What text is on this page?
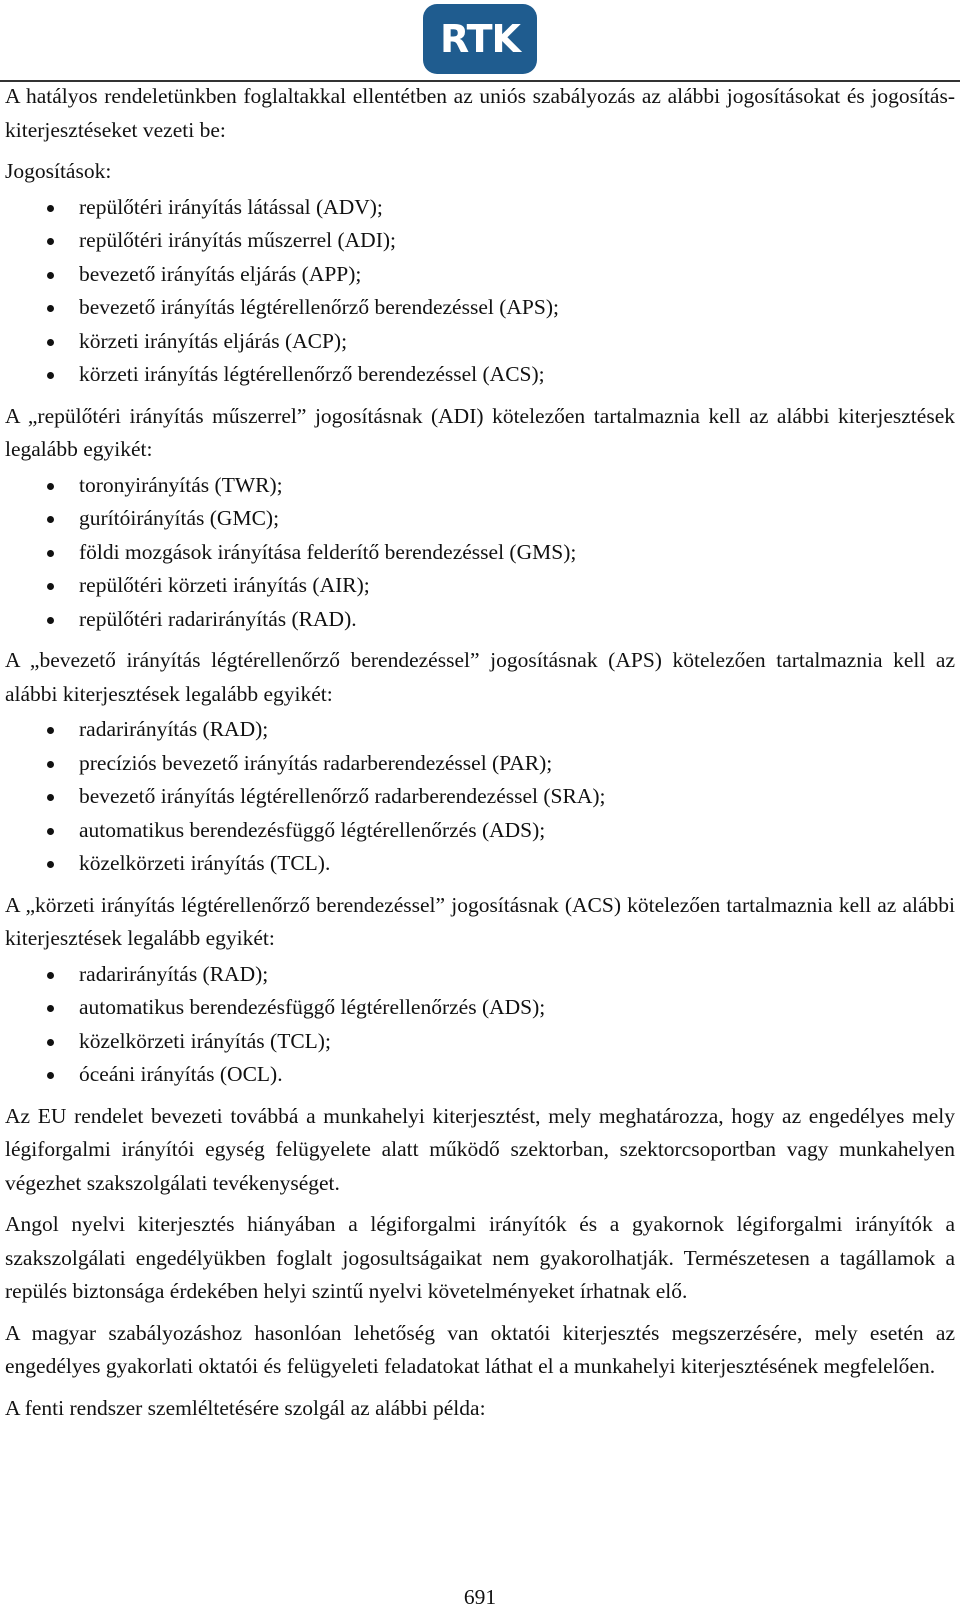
RTK

A hatályos rendeletünkben foglaltakkal ellentétben az uniós szabályozás az alábbi jogosításokat és jogosítás-kiterjesztéseket vezeti be:

Jogosítások:

repülőtéri irányítás látással (ADV);
repülőtéri irányítás műszerrel (ADI);
bevezető irányítás eljárás (APP);
bevezető irányítás légtérellenőrző berendezéssel (APS);
körzeti irányítás eljárás (ACP);
körzeti irányítás légtérellenőrző berendezéssel (ACS);

A „repülőtéri irányítás műszerrel” jogosításnak (ADI) kötelezően tartalmaznia kell az alábbi kiterjesztések legalább egyikét:

toronyirányítás (TWR);
gurítóirányítás (GMC);
földi mozgások irányítása felderítő berendezéssel (GMS);
repülőtéri körzeti irányítás (AIR);
repülőtéri radarirányítás (RAD).

A „bevezető irányítás légtérellenőrző berendezéssel” jogosításnak (APS) kötelezően tartalmaznia kell az alábbi kiterjesztések legalább egyikét:

radarirányítás (RAD);
precíziós bevezető irányítás radarberendezéssel (PAR);
bevezető irányítás légtérellenőrző radarberendezéssel (SRA);
automatikus berendezésfüggő légtérellenőrzés (ADS);
közelkörzeti irányítás (TCL).

A „körzeti irányítás légtérellenőrző berendezéssel” jogosításnak (ACS) kötelezően tartalmaznia kell az alábbi kiterjesztések legalább egyikét:

radarirányítás (RAD);
automatikus berendezésfüggő légtérellenőrzés (ADS);
közelkörzeti irányítás (TCL);
óceáni irányítás (OCL).

Az EU rendelet bevezeti továbbá a munkahelyi kiterjesztést, mely meghatározza, hogy az engedélyes mely légiforgalmi irányítói egység felügyelete alatt működő szektorban, szektorcsoportban vagy munkahelyen végezhet szakszolgálati tevékenységet.

Angol nyelvi kiterjesztés hiányában a légiforgalmi irányítók és a gyakornok légiforgalmi irányítók a szakszolgálati engedélyükben foglalt jogosultságaikat nem gyakorolhatják. Természetesen a tagállamok a repülés biztonsága érdekében helyi szintű nyelvi követelményeket írhatnak elő.

A magyar szabályozáshoz hasonlóan lehetőség van oktatói kiterjesztés megszerzésére, mely esetén az engedélyes gyakorlati oktatói és felügyeleti feladatokat láthat el a munkahelyi kiterjesztésének megfelelően.

A fenti rendszer szemléltetésére szolgál az alábbi példa:

691
